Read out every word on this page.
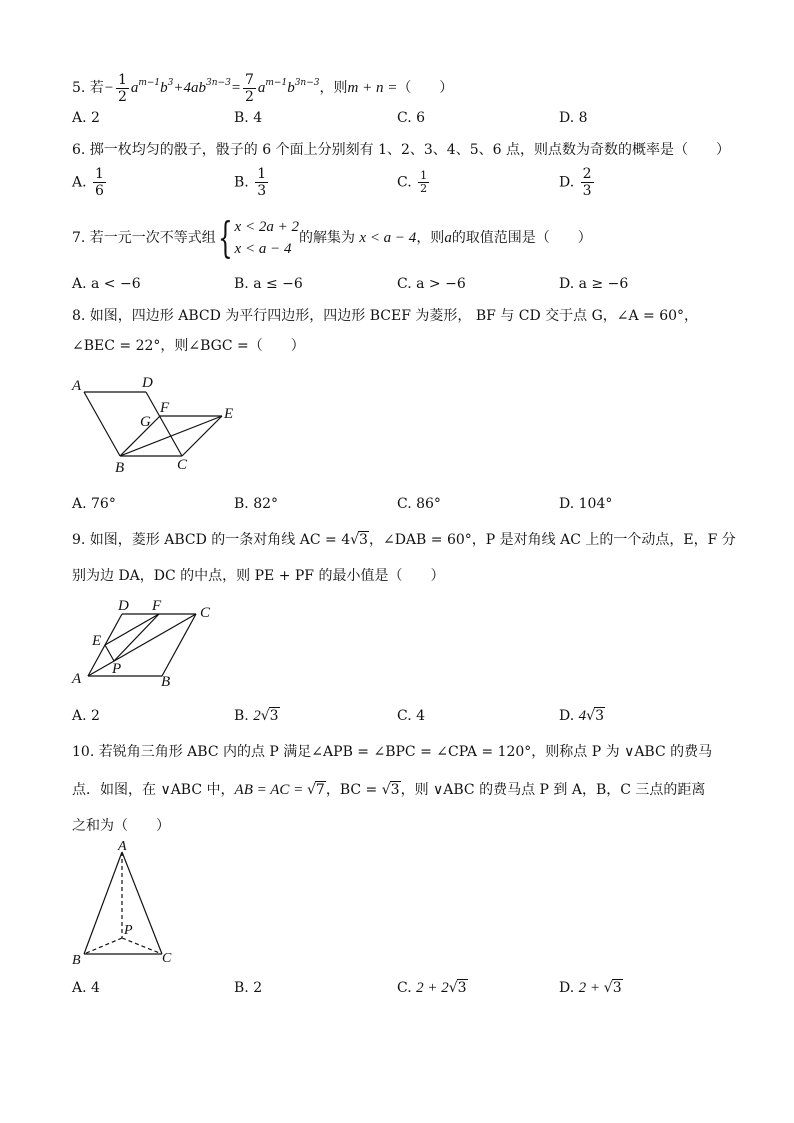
5. 若− $\frac{1}{2} a^{m-1}b^3+4ab^{3n-3}= \frac{7}{2} a^{m-1}b^{3n-3}$，则m + n =（　　）
A. 2	B. 4	C. 6	D. 8
6. 掷一枚均匀的骰子，骰子的 6 个面上分别刻有 1、2、3、4、5、6 点，则点数为奇数的概率是（　　）
A. $\frac{1}{6}$	B. $\frac{1}{3}$	C. $\frac{1}{2}$	D. $\frac{2}{3}$
7. 若一元一次不等式组{ x < 2a + 2
x < a − 4
的解集为 x < a − 4，则a的取值范围是（　　）
A. a < −6	B. a ≤ −6	C. a > −6	D. a ≥ −6
8. 如图，四边形 ABCD 为平行四边形，四边形 BCEF 为菱形， BF 与 CD 交于点 G，∠A = 60°，
∠BEC = 22°，则∠BGC =（　　）
A	D
G
F	E
B	C
A. 76°	B. 82°	C. 86°	D. 104°
9. 如图，菱形 ABCD 的一条对角线 AC = 4√3，∠DAB = 60°，P 是对角线 AC 上的一个动点，E，F 分
别为边 DA，DC 的中点，则 PE + PF 的最小值是（　　）
D F	C
E
P
A	B
A. 2	B. 2√3	C. 4	D. 4√3
10. 若锐角三角形 ABC 内的点 P 满足∠APB = ∠BPC = ∠CPA = 120°，则称点 P 为 ∨ABC 的费马
点．如图，在 ∨ABC 中，AB = AC = √7，BC = √3，则 ∨ABC 的费马点 P 到 A，B，C 三点的距离
之和为（　　）
A
P
B	C
A. 4	B. 2	C. 2 + 2√3	D. 2 + √3
